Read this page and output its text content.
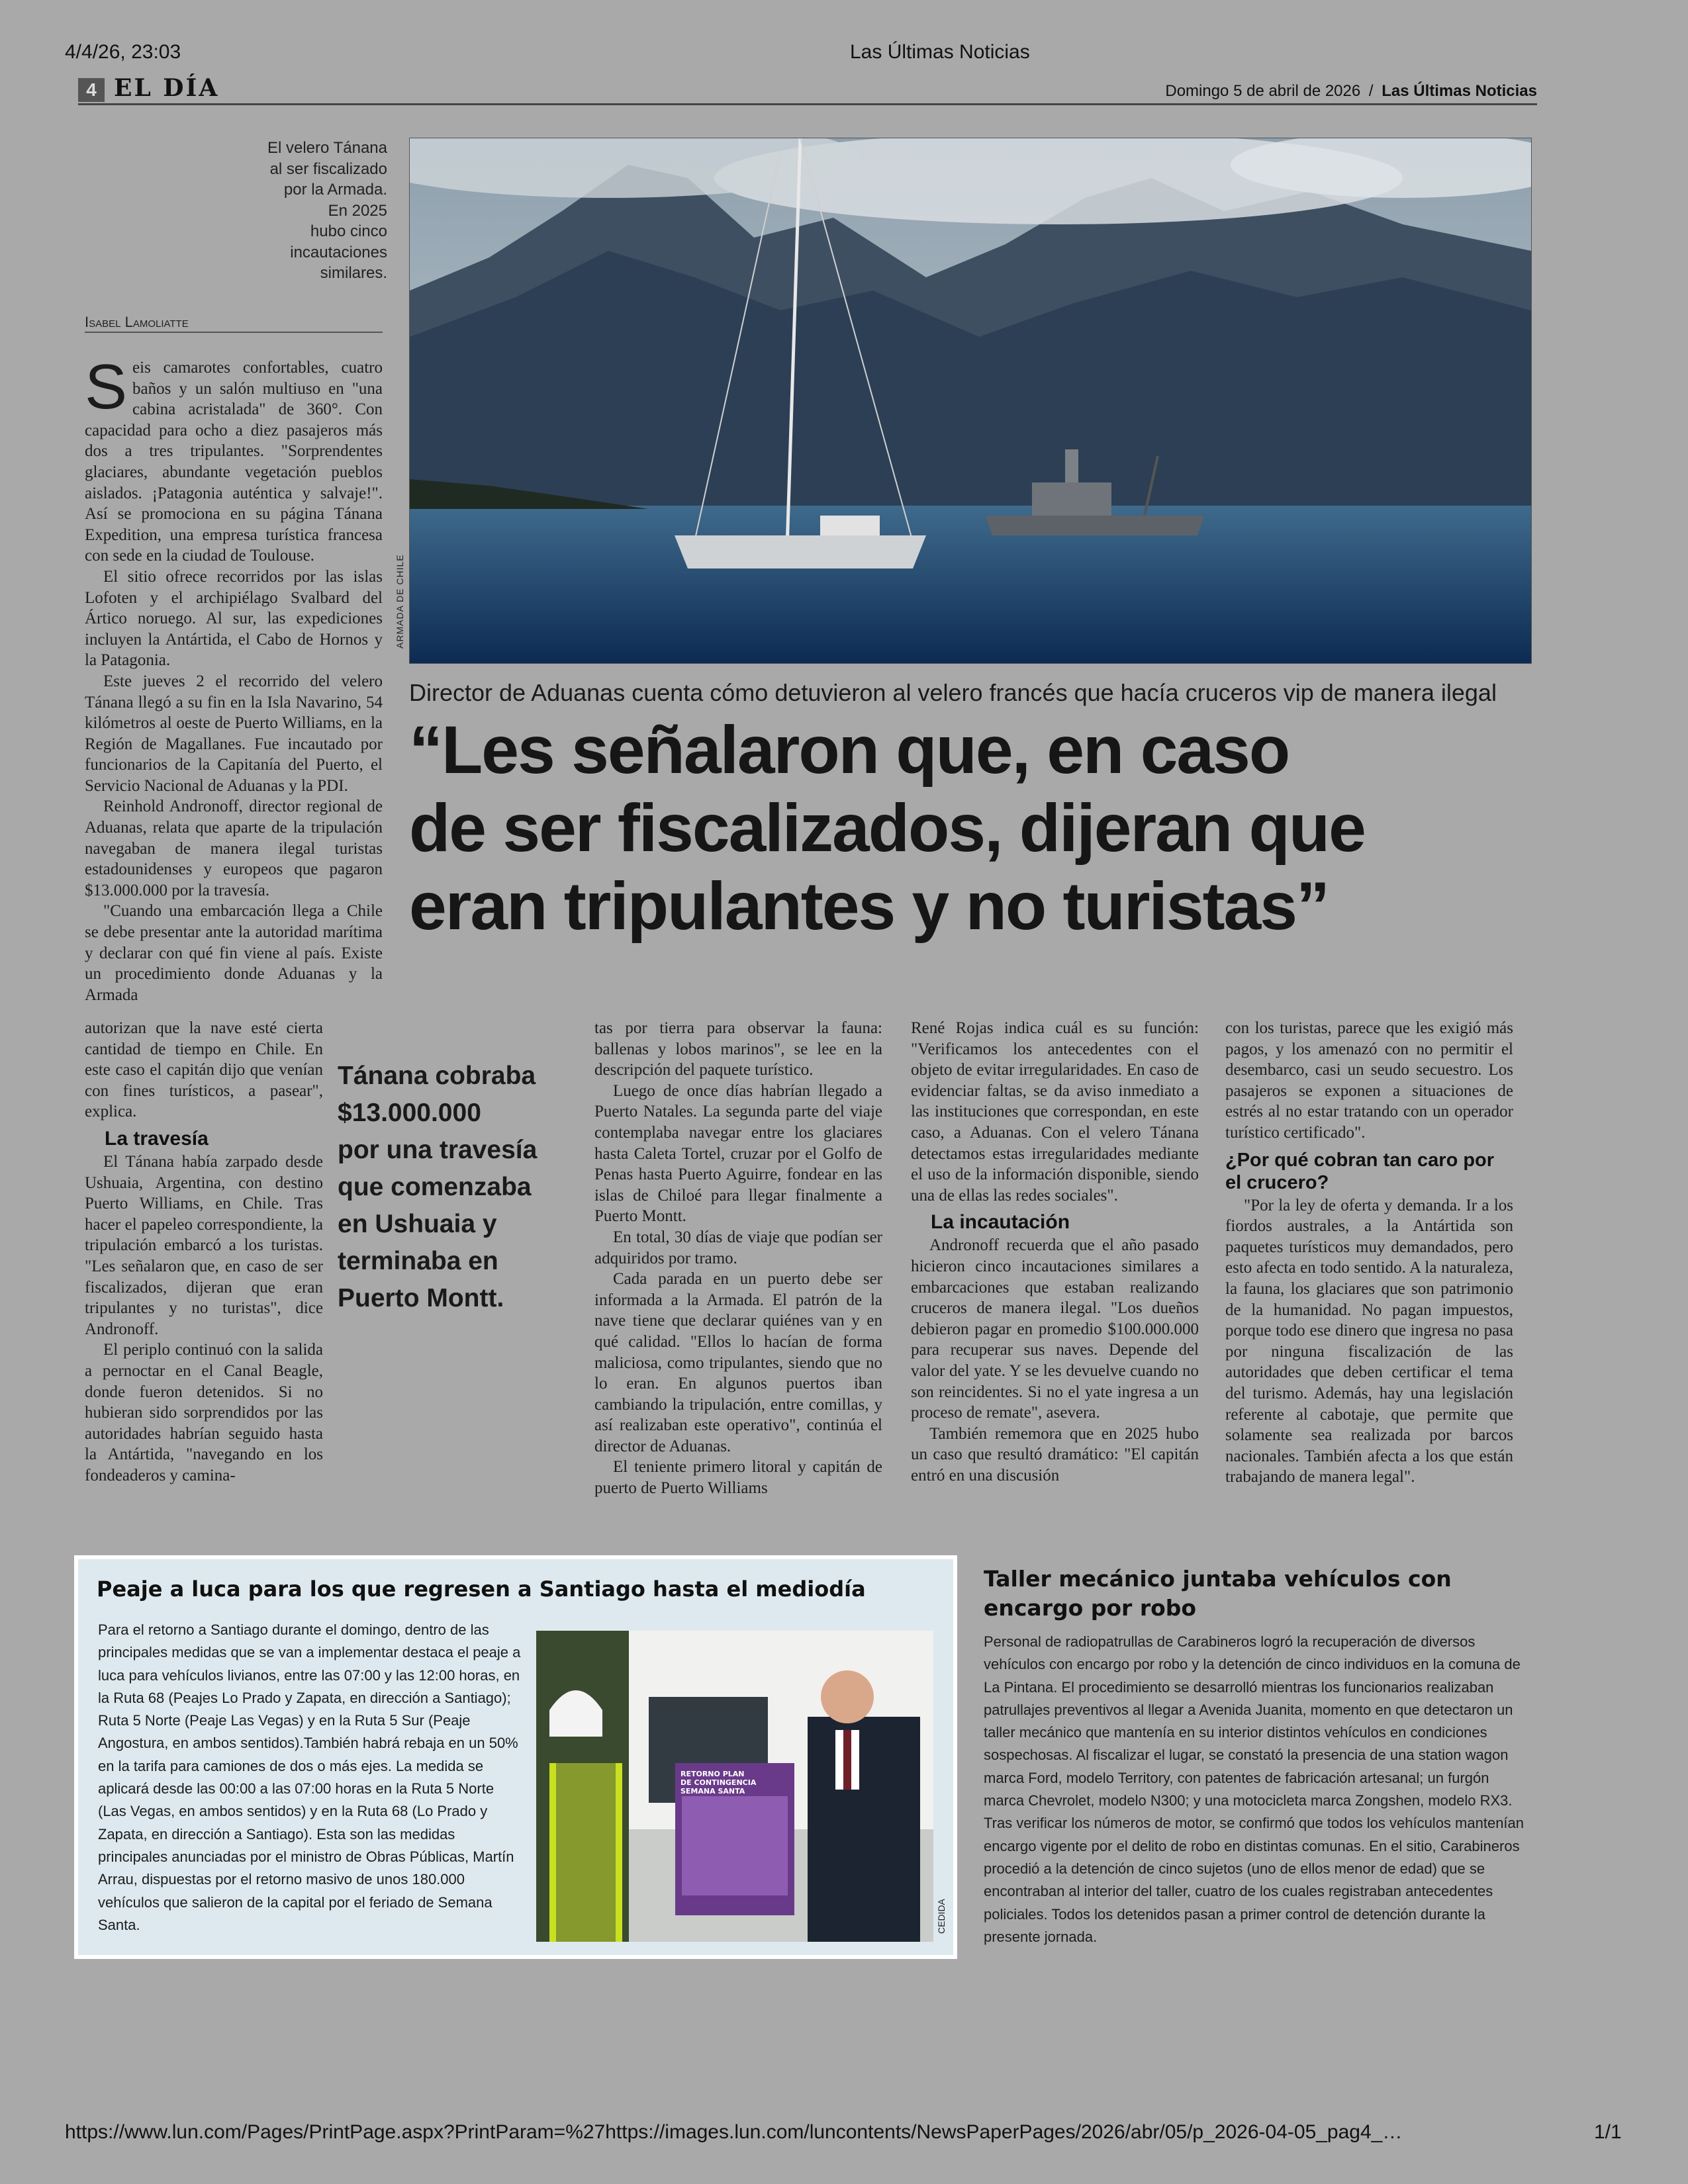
4/4/26, 23:03	Las Últimas Noticias
https://www.lun.com/Pages/PrintPage.aspx?PrintParam=%27https://images.lun.com/luncontents/NewsPaperPages/2026/abr/05/p_2026-04-05_pag4_…	1/1
4 EL DÍA	Domingo 5 de abril de 2026 / Las Últimas Noticias
ARMADA DE CHILE
El velero Tánana
al ser fiscalizado
por la Armada.
En 2025
hubo cinco
incautaciones
similares.
Isabel Lamoliatte
Director de Aduanas cuenta cómo detuvieron al velero francés que hacía cruceros vip de manera ilegal
“Les señalaron que, en caso
de ser fiscalizados, dijeran que
eran tripulantes y no turistas”

Seis camarotes confortables, cuatro baños y un salón multiuso en "una cabina acristalada" de 360°. Con capacidad para ocho a diez pasajeros más dos a tres tripulantes. "Sorprendentes glaciares, abundante vegetación pueblos aislados. ¡Patagonia auténtica y salvaje!". Así se promociona en su página Tánana Expedition, una empresa turística francesa con sede en la ciudad de Toulouse.

El sitio ofrece recorridos por las islas Lofoten y el archipiélago Svalbard del Ártico noruego. Al sur, las expediciones incluyen la Antártida, el Cabo de Hornos y la Patagonia.

Este jueves 2 el recorrido del velero Tánana llegó a su fin en la Isla Navarino, 54 kilómetros al oeste de Puerto Williams, en la Región de Magallanes. Fue incautado por funcionarios de la Capitanía del Puerto, el Servicio Nacional de Aduanas y la PDI.

Reinhold Andronoff, director regional de Aduanas, relata que aparte de la tripulación navegaban de manera ilegal turistas estadounidenses y europeos que pagaron $13.000.000 por la travesía.

"Cuando una embarcación llega a Chile se debe presentar ante la autoridad marítima y declarar con qué fin viene al país. Existe un procedimiento donde Aduanas y la Armada

autorizan que la nave esté cierta cantidad de tiempo en Chile. En este caso el capitán dijo que venían con fines turísticos, a pasear", explica.

La travesía

El Tánana había zarpado desde Ushuaia, Argentina, con destino Puerto Williams, en Chile. Tras hacer el papeleo correspondiente, la tripulación embarcó a los turistas. "Les señalaron que, en caso de ser fiscalizados, dijeran que eran tripulantes y no turistas", dice Andronoff.

El periplo continuó con la salida a pernoctar en el Canal Beagle, donde fueron detenidos. Si no hubieran sido sorprendidos por las autoridades habrían seguido hasta la Antártida, "navegando en los fondeaderos y camina-

Tánana cobraba
$13.000.000
por una travesía
que comenzaba
en Ushuaia y
terminaba en
Puerto Montt.

tas por tierra para observar la fauna: ballenas y lobos marinos", se lee en la descripción del paquete turístico.

Luego de once días habrían llegado a Puerto Natales. La segunda parte del viaje contemplaba navegar entre los glaciares hasta Caleta Tortel, cruzar por el Golfo de Penas hasta Puerto Aguirre, fondear en las islas de Chiloé para llegar finalmente a Puerto Montt.

En total, 30 días de viaje que podían ser adquiridos por tramo.

Cada parada en un puerto debe ser informada a la Armada. El patrón de la nave tiene que declarar quiénes van y en qué calidad. "Ellos lo hacían de forma maliciosa, como tripulantes, siendo que no lo eran. En algunos puertos iban cambiando la tripulación, entre comillas, y así realizaban este operativo", continúa el director de Aduanas.

El teniente primero litoral y capitán de puerto de Puerto Williams

René Rojas indica cuál es su función: "Verificamos los antecedentes con el objeto de evitar irregularidades. En caso de evidenciar faltas, se da aviso inmediato a las instituciones que correspondan, en este caso, a Aduanas. Con el velero Tánana detectamos estas irregularidades mediante el uso de la información disponible, siendo una de ellas las redes sociales".

La incautación

Andronoff recuerda que el año pasado hicieron cinco incautaciones similares a embarcaciones que estaban realizando cruceros de manera ilegal. "Los dueños debieron pagar en promedio $100.000.000 para recuperar sus naves. Depende del valor del yate. Y se les devuelve cuando no son reincidentes. Si no el yate ingresa a un proceso de remate", asevera.

También rememora que en 2025 hubo un caso que resultó dramático: "El capitán entró en una discusión

con los turistas, parece que les exigió más pagos, y los amenazó con no permitir el desembarco, casi un seudo secuestro. Los pasajeros se exponen a situaciones de estrés al no estar tratando con un operador turístico certificado".

¿Por qué cobran tan caro por el crucero?

"Por la ley de oferta y demanda. Ir a los fiordos australes, a la Antártida son paquetes turísticos muy demandados, pero esto afecta en todo sentido. A la naturaleza, la fauna, los glaciares que son patrimonio de la humanidad. No pagan impuestos, porque todo ese dinero que ingresa no pasa por ninguna fiscalización de las autoridades que deben certificar el tema del turismo. Además, hay una legislación referente al cabotaje, que permite que solamente sea realizada por barcos nacionales. También afecta a los que están trabajando de manera legal".

Peaje a luca para los que regresen a Santiago hasta el mediodía
Para el retorno a Santiago durante el domingo, dentro de las principales medidas que se van a implementar destaca el peaje a luca para vehículos livianos, entre las 07:00 y las 12:00 horas, en la Ruta 68 (Peajes Lo Prado y Zapata, en dirección a Santiago); Ruta 5 Norte (Peaje Las Vegas) y en la Ruta 5 Sur (Peaje Angostura, en ambos sentidos).También habrá rebaja en un 50% en la tarifa para camiones de dos o más ejes. La medida se aplicará desde las 00:00 a las 07:00 horas en la Ruta 5 Norte (Las Vegas, en ambos sentidos) y en la Ruta 68 (Lo Prado y Zapata, en dirección a Santiago). Esta son las medidas principales anunciadas por el ministro de Obras Públicas, Martín Arrau, dispuestas por el retorno masivo de unos 180.000 vehículos que salieron de la capital por el feriado de Semana Santa.
RETORNO PLAN
DE CONTINGENCIA
SEMANA SANTA
CEDIDA
Taller mecánico juntaba vehículos con
encargo por robo
Personal de radiopatrullas de Carabineros logró la recuperación de diversos vehículos con encargo por robo y la detención de cinco individuos en la comuna de La Pintana. El procedimiento se desarrolló mientras los funcionarios realizaban patrullajes preventivos al llegar a Avenida Juanita, momento en que detectaron un taller mecánico que mantenía en su interior distintos vehículos en condiciones sospechosas. Al fiscalizar el lugar, se constató la presencia de una station wagon marca Ford, modelo Territory, con patentes de fabricación artesanal; un furgón marca Chevrolet, modelo N300; y una motocicleta marca Zongshen, modelo RX3. Tras verificar los números de motor, se confirmó que todos los vehículos mantenían encargo vigente por el delito de robo en distintas comunas. En el sitio, Carabineros procedió a la detención de cinco sujetos (uno de ellos menor de edad) que se encontraban al interior del taller, cuatro de los cuales registraban antecedentes policiales. Todos los detenidos pasan a primer control de detención durante la presente jornada.
